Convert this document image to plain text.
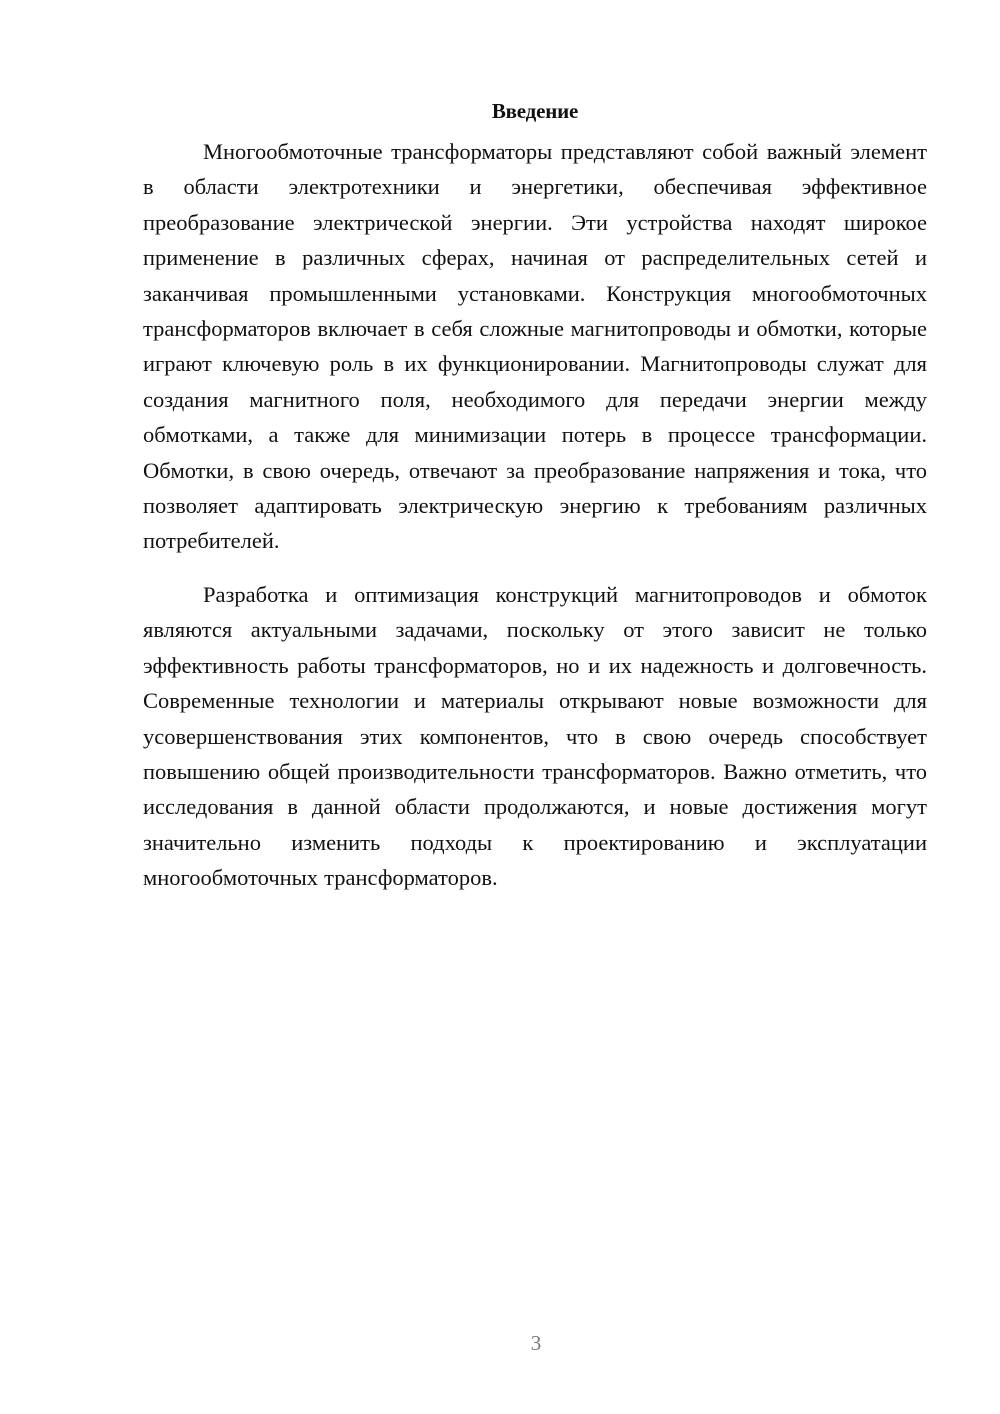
Введение

Многообмоточные трансформаторы представляют собой важный элемент в области электротехники и энергетики, обеспечивая эффективное преобразование электрической энергии. Эти устройства находят широкое применение в различных сферах, начиная от распределительных сетей и заканчивая промышленными установками. Конструкция многообмоточных трансформаторов включает в себя сложные магнитопроводы и обмотки, которые играют ключевую роль в их функционировании. Магнитопроводы служат для создания магнитного поля, необходимого для передачи энергии между обмотками, а также для минимизации потерь в процессе трансформации. Обмотки, в свою очередь, отвечают за преобразование напряжения и тока, что позволяет адаптировать электрическую энергию к требованиям различных потребителей.

Разработка и оптимизация конструкций магнитопроводов и обмоток являются актуальными задачами, поскольку от этого зависит не только эффективность работы трансформаторов, но и их надежность и долговечность. Современные технологии и материалы открывают новые возможности для усовершенствования этих компонентов, что в свою очередь способствует повышению общей производительности трансформаторов. Важно отметить, что исследования в данной области продолжаются, и новые достижения могут значительно изменить подходы к проектированию и эксплуатации многообмоточных трансформаторов.

3
